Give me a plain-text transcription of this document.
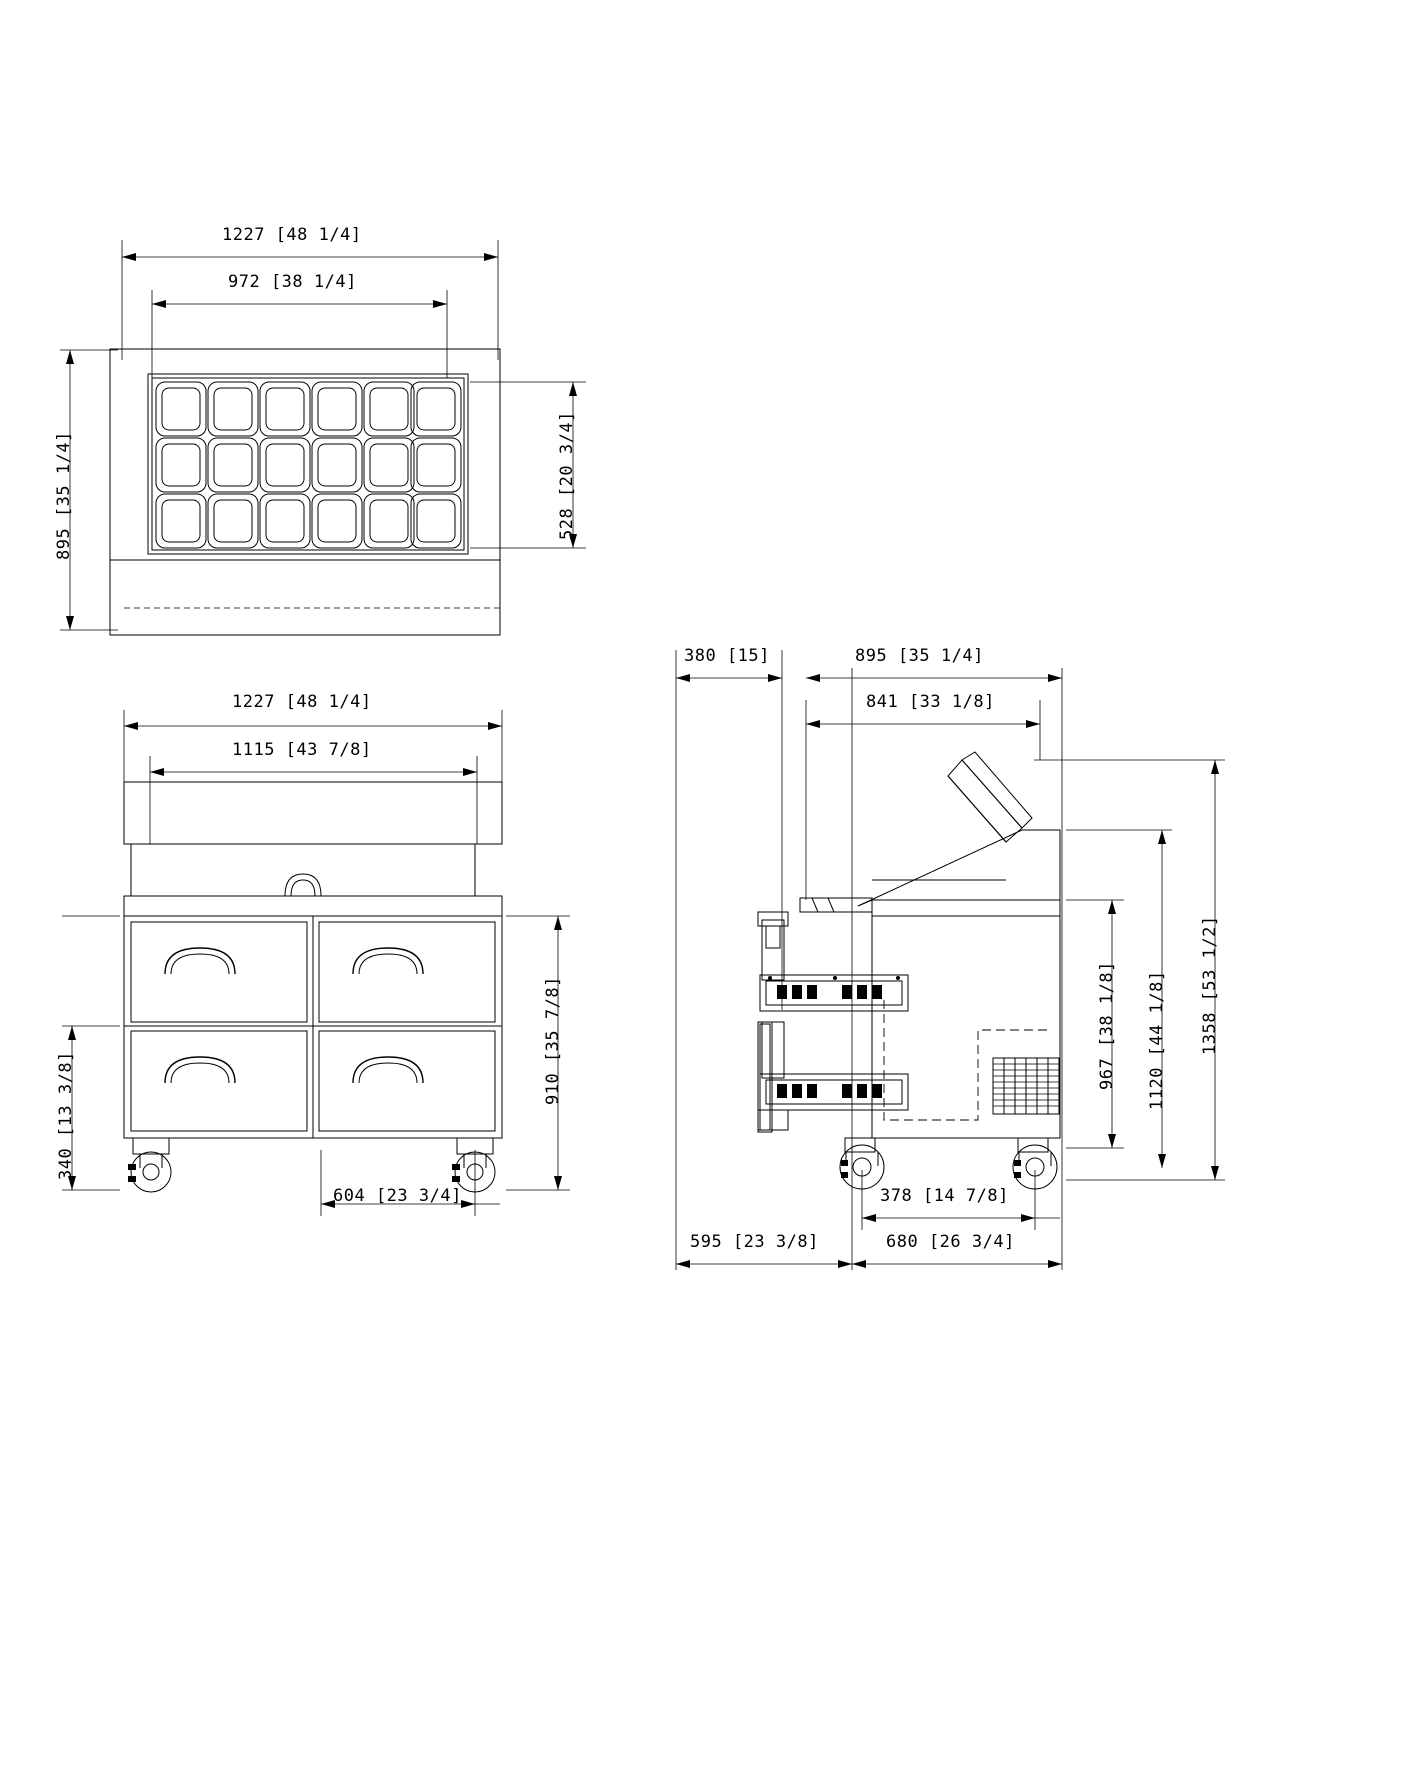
1227 [48 1/4]
972 [38 1/4]
895 [35 1/4]	528 [20 3/4]
1227 [48 1/4]
1115 [43 7/8]
910 [35 7/8]
340 [13 3/8]
604 [23 3/4]
380 [15]	895 [35 1/4]
841 [33 1/8]
967 [38 1/8] 1120 [44 1/8] 1358 [53 1/2]
378 [14 7/8]
595 [23 3/8]	680 [26 3/4]
